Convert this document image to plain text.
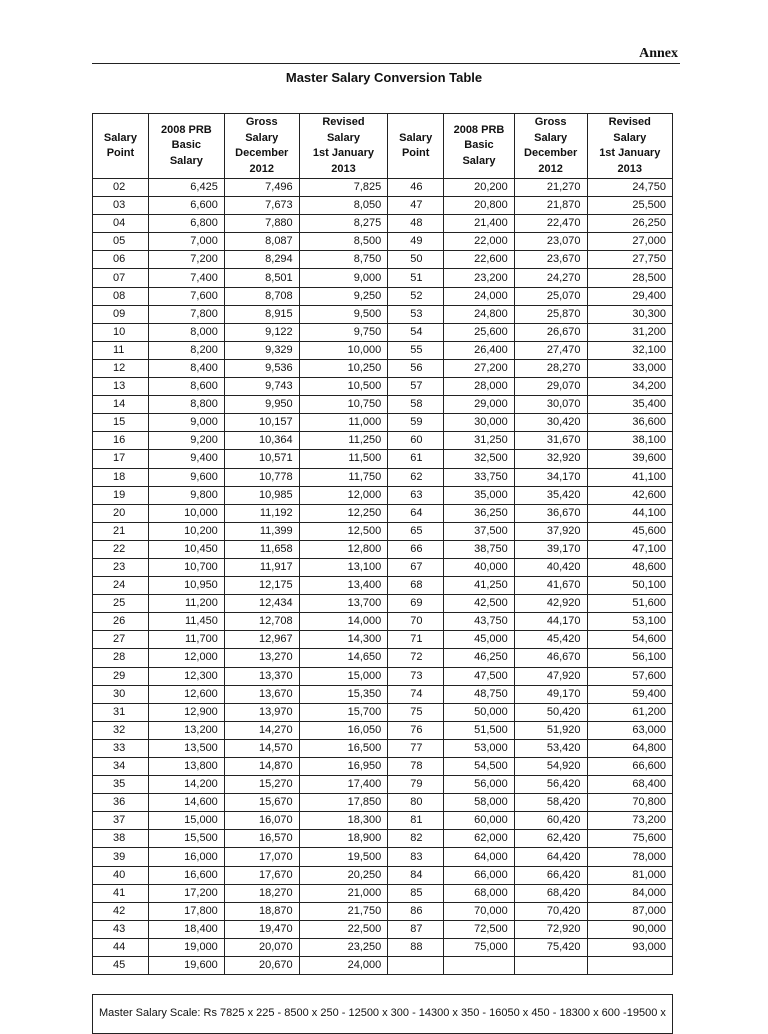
Annex
Master Salary Conversion Table
Salary
Point	2008 PRB
Basic
Salary	Gross
Salary
December
2012	Revised
Salary
1st January
2013	Salary
Point	2008 PRB
Basic
Salary	Gross
Salary
December
2012	Revised
Salary
1st January
2013
02	6,425	7,496	7,825	46	20,200	21,270	24,750
03	6,600	7,673	8,050	47	20,800	21,870	25,500
04	6,800	7,880	8,275	48	21,400	22,470	26,250
05	7,000	8,087	8,500	49	22,000	23,070	27,000
06	7,200	8,294	8,750	50	22,600	23,670	27,750
07	7,400	8,501	9,000	51	23,200	24,270	28,500
08	7,600	8,708	9,250	52	24,000	25,070	29,400
09	7,800	8,915	9,500	53	24,800	25,870	30,300
10	8,000	9,122	9,750	54	25,600	26,670	31,200
11	8,200	9,329	10,000	55	26,400	27,470	32,100
12	8,400	9,536	10,250	56	27,200	28,270	33,000
13	8,600	9,743	10,500	57	28,000	29,070	34,200
14	8,800	9,950	10,750	58	29,000	30,070	35,400
15	9,000	10,157	11,000	59	30,000	30,420	36,600
16	9,200	10,364	11,250	60	31,250	31,670	38,100
17	9,400	10,571	11,500	61	32,500	32,920	39,600
18	9,600	10,778	11,750	62	33,750	34,170	41,100
19	9,800	10,985	12,000	63	35,000	35,420	42,600
20	10,000	11,192	12,250	64	36,250	36,670	44,100
21	10,200	11,399	12,500	65	37,500	37,920	45,600
22	10,450	11,658	12,800	66	38,750	39,170	47,100
23	10,700	11,917	13,100	67	40,000	40,420	48,600
24	10,950	12,175	13,400	68	41,250	41,670	50,100
25	11,200	12,434	13,700	69	42,500	42,920	51,600
26	11,450	12,708	14,000	70	43,750	44,170	53,100
27	11,700	12,967	14,300	71	45,000	45,420	54,600
28	12,000	13,270	14,650	72	46,250	46,670	56,100
29	12,300	13,370	15,000	73	47,500	47,920	57,600
30	12,600	13,670	15,350	74	48,750	49,170	59,400
31	12,900	13,970	15,700	75	50,000	50,420	61,200
32	13,200	14,270	16,050	76	51,500	51,920	63,000
33	13,500	14,570	16,500	77	53,000	53,420	64,800
34	13,800	14,870	16,950	78	54,500	54,920	66,600
35	14,200	15,270	17,400	79	56,000	56,420	68,400
36	14,600	15,670	17,850	80	58,000	58,420	70,800
37	15,000	16,070	18,300	81	60,000	60,420	73,200
38	15,500	16,570	18,900	82	62,000	62,420	75,600
39	16,000	17,070	19,500	83	64,000	64,420	78,000
40	16,600	17,670	20,250	84	66,000	66,420	81,000
41	17,200	18,270	21,000	85	68,000	68,420	84,000
42	17,800	18,870	21,750	86	70,000	70,420	87,000
43	18,400	19,470	22,500	87	72,500	72,920	90,000
44	19,000	20,070	23,250	88	75,000	75,420	93,000
45	19,600	20,670	24,000				
Master Salary Scale: Rs 7825 x 225 - 8500 x 250 - 12500 x 300 - 14300 x 350 - 16050 x 450 - 18300 x 600 -19500 x
